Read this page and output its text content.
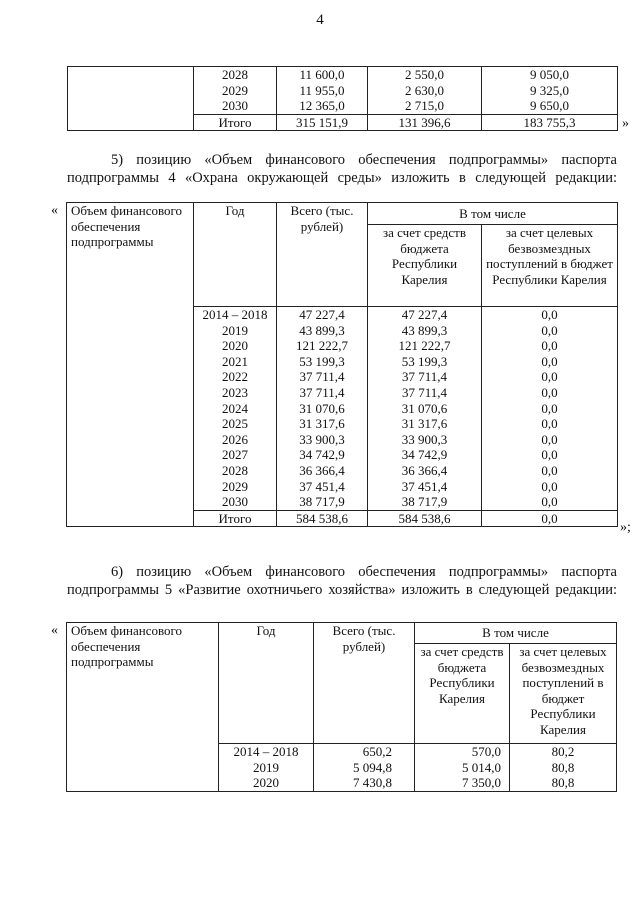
4
	2028	11 600,0	2 550,0	9 050,0
	2029	11 955,0	2 630,0	9 325,0
	2030	12 365,0	2 715,0	9 650,0
	Итого	315 151,9	131 396,6	183 755,3	»
5) позицию «Объем финансового обеспечения подпрограммы» паспорта
подпрограммы 4 «Охрана окружающей среды» изложить в следующей редакции:
« Объем финансового обеспечения подпрограммы	Год	Всего (тыс. рублей)	В том числе	
			за счет средств бюджета Республики Карелия	за счет целевых безвозмездных поступлений в бюджет Республики Карелия
	2014 – 2018	47 227,4	47 227,4	0,0
	2019	43 899,3	43 899,3	0,0
	2020	121 222,7	121 222,7	0,0
	2021	53 199,3	53 199,3	0,0
	2022	37 711,4	37 711,4	0,0
	2023	37 711,4	37 711,4	0,0
	2024	31 070,6	31 070,6	0,0
	2025	31 317,6	31 317,6	0,0
	2026	33 900,3	33 900,3	0,0
	2027	34 742,9	34 742,9	0,0
	2028	36 366,4	36 366,4	0,0
	2029	37 451,4	37 451,4	0,0
	2030	38 717,9	38 717,9	0,0
	Итого	584 538,6	584 538,6	0,0
»;
6) позицию «Объем финансового обеспечения подпрограммы» паспорта
подпрограммы 5 «Развитие охотничьего хозяйства» изложить в следующей редакции:
« Объем финансового обеспечения подпрограммы	Год	Всего (тыс. рублей)	В том числе	
			за счет средств бюджета Республики Карелия	за счет целевых безвозмездных поступлений в бюджет Республики Карелия
	2014 – 2018	650,2	570,0	80,2
	2019	5 094,8	5 014,0	80,8
	2020	7 430,8	7 350,0	80,8
